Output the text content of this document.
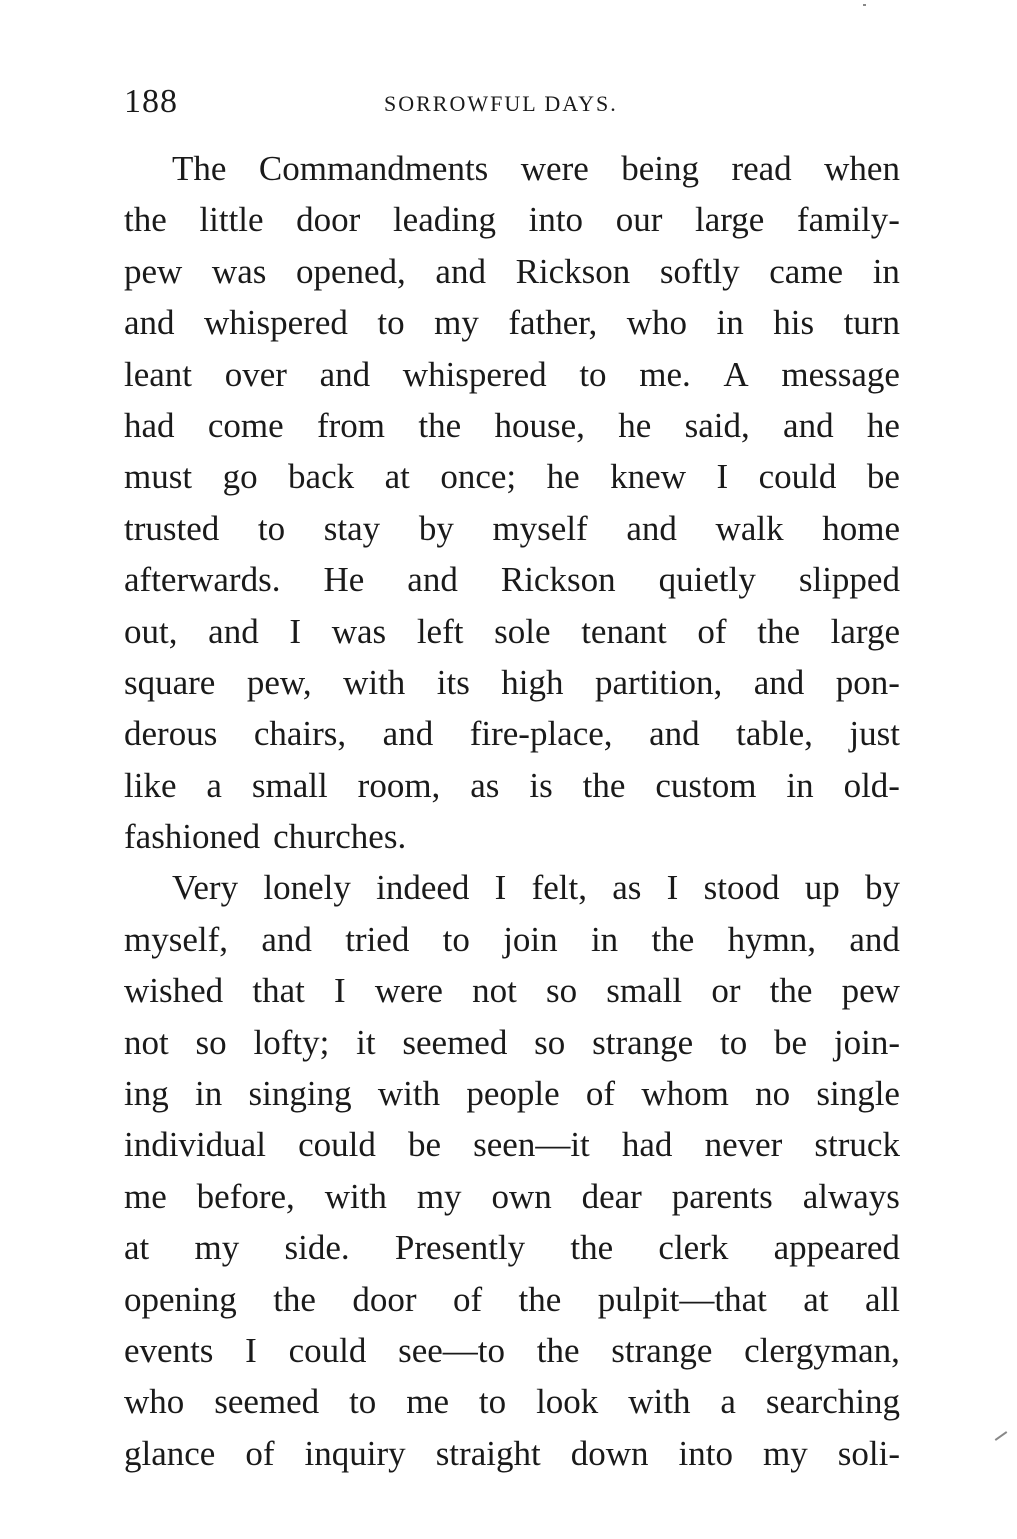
188	SORROWFUL DAYS.
The Commandments were being read when
the little door leading into our large family-
pew was opened, and Rickson softly came in
and whispered to my father, who in his turn
leant over and whispered to me. A message
had come from the house, he said, and he
must go back at once; he knew I could be
trusted to stay by myself and walk home
afterwards. He and Rickson quietly slipped
out, and I was left sole tenant of the large
square pew, with its high partition, and pon-
derous chairs, and fire-place, and table, just
like a small room, as is the custom in old-
fashioned churches.
Very lonely indeed I felt, as I stood up by
myself, and tried to join in the hymn, and
wished that I were not so small or the pew
not so lofty; it seemed so strange to be join-
ing in singing with people of whom no single
individual could be seen—it had never struck
me before, with my own dear parents always
at my side. Presently the clerk appeared
opening the door of the pulpit—that at all
events I could see—to the strange clergyman,
who seemed to me to look with a searching
glance of inquiry straight down into my soli-
